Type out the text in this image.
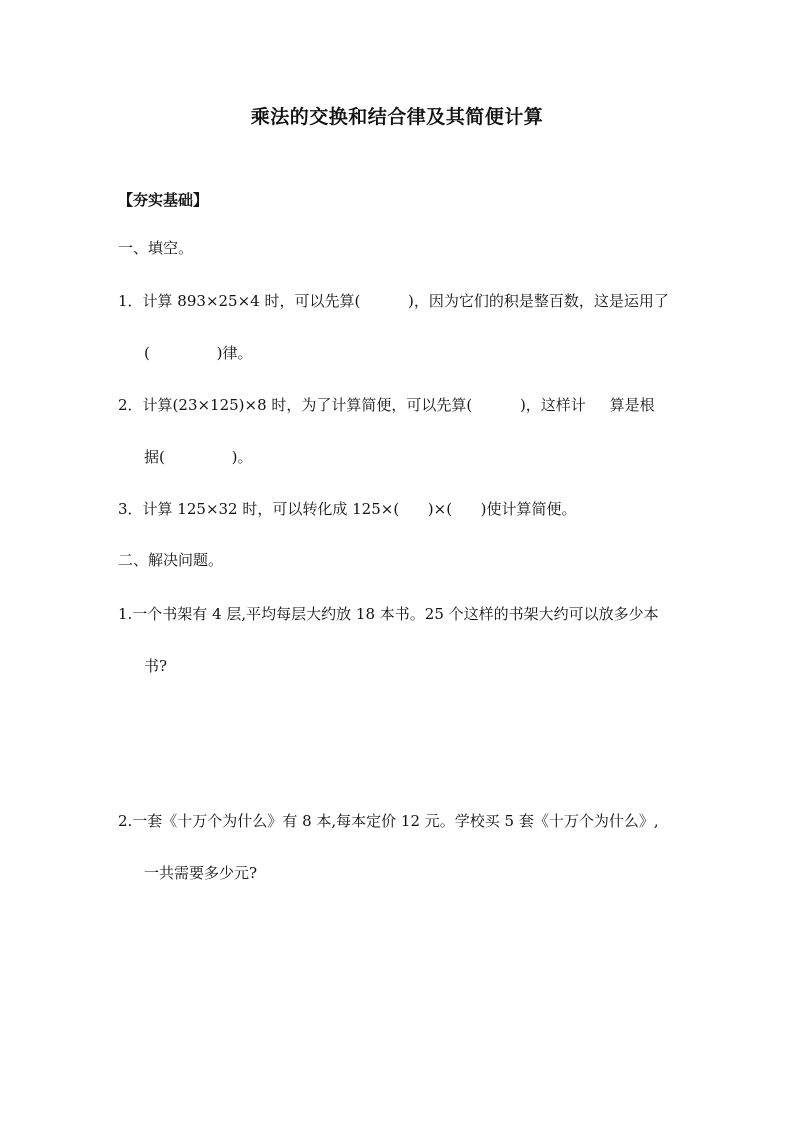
乘法的交换和结合律及其简便计算
【夯实基础】
一、填空。
1．计算 893×25×4 时，可以先算(          )，因为它们的积是整百数，这是运用了
(              )律。
2．计算(23×125)×8 时，为了计算简便，可以先算(          )，这样计     算是根
据(              )。
3．计算 125×32 时，可以转化成 125×(      )×(      )使计算简便。
二、解决问题。
1.一个书架有 4 层,平均每层大约放 18 本书。25 个这样的书架大约可以放多少本
书?
2.一套《十万个为什么》有 8 本,每本定价 12 元。学校买 5 套《十万个为什么》,
一共需要多少元?
